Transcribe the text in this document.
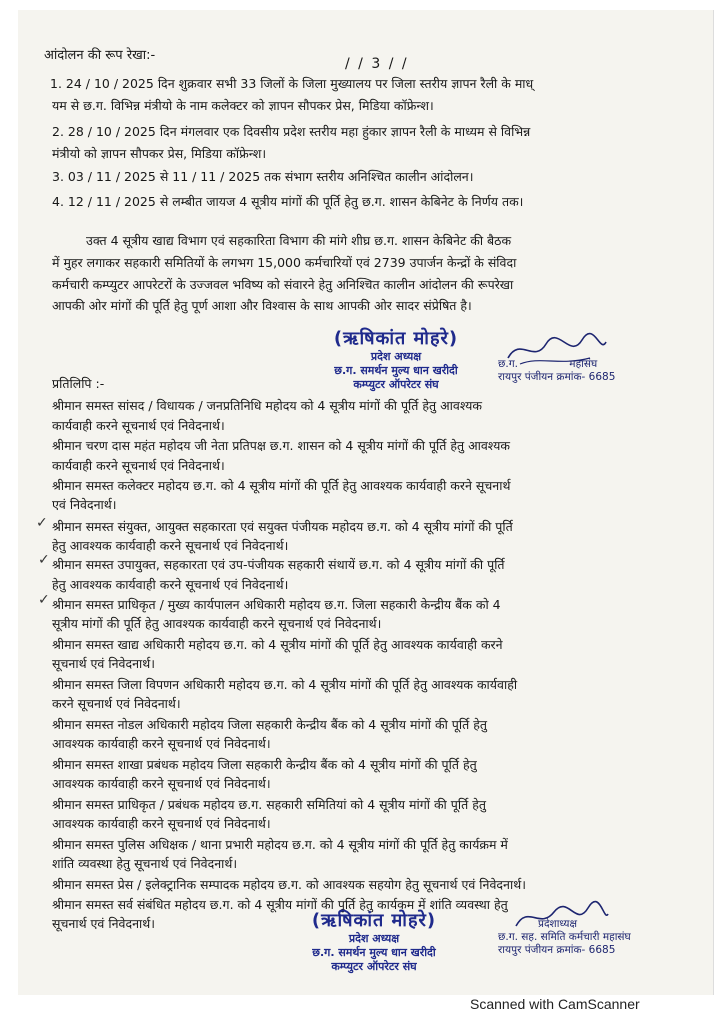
आंदोलन की रूप रेखा:-
/ / 3 / /
1. 24 / 10 / 2025 दिन शुक्रवार सभी 33 जिलों के जिला मुख्यालय पर जिला स्तरीय ज्ञापन रैली के माध्
यम से छ.ग. विभिन्न मंत्रीयो के नाम कलेक्टर को ज्ञापन सौपकर प्रेस, मिडिया कॉफ्रेन्श।
2. 28 / 10 / 2025 दिन मंगलवार एक दिवसीय प्रदेश स्तरीय महा हुंकार ज्ञापन रैली के माध्यम से विभिन्न
मंत्रीयो को ज्ञापन सौपकर प्रेस, मिडिया कॉफ्रेन्श।
3. 03 / 11 / 2025 से 11 / 11 / 2025 तक संभाग स्तरीय अनिश्चित कालीन आंदोलन।
4. 12 / 11 / 2025 से लम्बीत जायज 4 सूत्रीय मांगों की पूर्ति हेतु छ.ग. शासन केबिनेट के निर्णय तक।
उक्त 4 सूत्रीय खाद्य विभाग एवं सहकारिता विभाग की मांगे शीघ्र छ.ग. शासन केबिनेट की बैठक
में मुहर लगाकर सहकारी समितियों के लगभग 15,000 कर्मचारियों एवं 2739 उपार्जन केन्द्रों के संविदा
कर्मचारी कम्प्युटर आपरेटरों के उज्जवल भविष्य को संवारने हेतु अनिश्चित कालीन आंदोलन की रूपरेखा
आपकी ओर मांगों की पूर्ति हेतु पूर्ण आशा और विश्वास के साथ आपकी ओर सादर संप्रेषित है।
(ऋषिकांत मोहरे)
प्रदेश अध्यक्ष
छ.ग. समर्थन मुल्य धान खरीदी
कम्प्युटर ऑपरेटर संघ
छ.ग.	महासंघ
रायपुर पंजीयन क्रमांक- 6685
प्रतिलिपि :-
श्रीमान समस्त सांसद / विधायक / जनप्रतिनिधि महोदय को 4 सूत्रीय मांगों की पूर्ति हेतु आवश्यक
कार्यवाही करने सूचनार्थ एवं निवेदनार्थ।
श्रीमान चरण दास महंत महोदय जी नेता प्रतिपक्ष छ.ग. शासन को 4 सूत्रीय मांगों की पूर्ति हेतु आवश्यक
कार्यवाही करने सूचनार्थ एवं निवेदनार्थ।
श्रीमान समस्त कलेक्टर महोदय छ.ग. को 4 सूत्रीय मांगों की पूर्ति हेतु आवश्यक कार्यवाही करने सूचनार्थ
एवं निवेदनार्थ।
✓ श्रीमान समस्त संयुक्त, आयुक्त सहकारता एवं सयुक्त पंजीयक महोदय छ.ग. को 4 सूत्रीय मांगों की पूर्ति
हेतु आवश्यक कार्यवाही करने सूचनार्थ एवं निवेदनार्थ।
✓ श्रीमान समस्त उपायुक्त, सहकारता एवं उप-पंजीयक सहकारी संथायें छ.ग. को 4 सूत्रीय मांगों की पूर्ति
हेतु आवश्यक कार्यवाही करने सूचनार्थ एवं निवेदनार्थ।
✓ श्रीमान समस्त प्राधिकृत / मुख्य कार्यपालन अधिकारी महोदय छ.ग. जिला सहकारी केन्द्रीय बैंक को 4
सूत्रीय मांगों की पूर्ति हेतु आवश्यक कार्यवाही करने सूचनार्थ एवं निवेदनार्थ।
श्रीमान समस्त खाद्य अधिकारी महोदय छ.ग. को 4 सूत्रीय मांगों की पूर्ति हेतु आवश्यक कार्यवाही करने
सूचनार्थ एवं निवेदनार्थ।
श्रीमान समस्त जिला विपणन अधिकारी महोदय छ.ग. को 4 सूत्रीय मांगों की पूर्ति हेतु आवश्यक कार्यवाही
करने सूचनार्थ एवं निवेदनार्थ।
श्रीमान समस्त नोडल अधिकारी महोदय जिला सहकारी केन्द्रीय बैंक को 4 सूत्रीय मांगों की पूर्ति हेतु
आवश्यक कार्यवाही करने सूचनार्थ एवं निवेदनार्थ।
श्रीमान समस्त शाखा प्रबंधक महोदय जिला सहकारी केन्द्रीय बैंक को 4 सूत्रीय मांगों की पूर्ति हेतु
आवश्यक कार्यवाही करने सूचनार्थ एवं निवेदनार्थ।
श्रीमान समस्त प्राधिकृत / प्रबंधक महोदय छ.ग. सहकारी समितियां को 4 सूत्रीय मांगों की पूर्ति हेतु
आवश्यक कार्यवाही करने सूचनार्थ एवं निवेदनार्थ।
श्रीमान समस्त पुलिस अधिक्षक / थाना प्रभारी महोदय छ.ग. को 4 सूत्रीय मांगों की पूर्ति हेतु कार्यक्रम में
शांति व्यवस्था हेतु सूचनार्थ एवं निवेदनार्थ।
श्रीमान समस्त प्रेस / इलेक्ट्रानिक सम्पादक महोदय छ.ग. को आवश्यक सहयोग हेतु सूचनार्थ एवं निवेदनार्थ।
श्रीमान समस्त सर्व संबंधित महोदय छ.ग. को 4 सूत्रीय मांगों की पूर्ति हेतु कार्यकम में शांति व्यवस्था हेतु
सूचनार्थ एवं निवेदनार्थ।	(ऋषिकांत मोहरे)
प्रदेश अध्यक्ष
छ.ग. समर्थन मुल्य धान खरीदी
कम्प्युटर ऑपरेटर संघ
प्रदेशाध्यक्ष
छ.ग. सह. समिति कर्मचारी महासंघ
रायपुर पंजीयन क्रमांक- 6685
Scanned with CamScanner
